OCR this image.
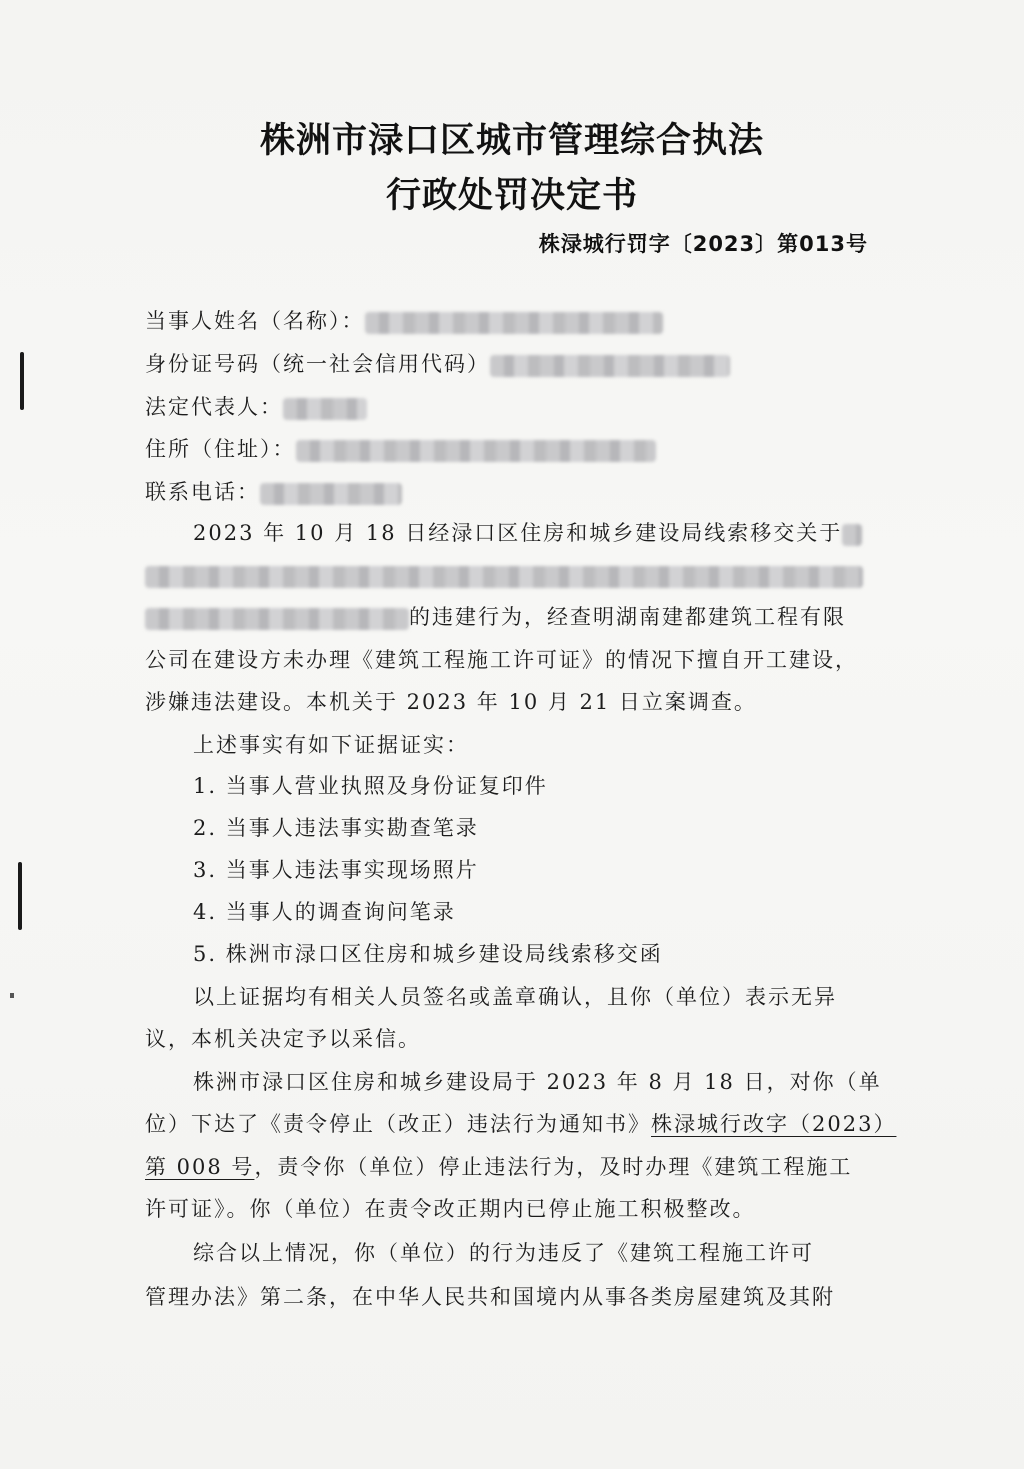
株洲市渌口区城市管理综合执法
行政处罚决定书
株渌城行罚字〔2023〕第013号
当事人姓名（名称）：
身份证号码（统一社会信用代码）
法定代表人：
住所（住址）：
联系电话：
2023 年 10 月 18 日经渌口区住房和城乡建设局线索移交关于
的违建行为，经查明湖南建都建筑工程有限
公司在建设方未办理《建筑工程施工许可证》的情况下擅自开工建设，
涉嫌违法建设。本机关于 2023 年 10 月 21 日立案调查。
上述事实有如下证据证实：
1. 当事人营业执照及身份证复印件
2. 当事人违法事实勘查笔录
3. 当事人违法事实现场照片
4. 当事人的调查询问笔录
5. 株洲市渌口区住房和城乡建设局线索移交函
以上证据均有相关人员签名或盖章确认，且你（单位）表示无异
议，本机关决定予以采信。
株洲市渌口区住房和城乡建设局于 2023 年 8 月 18 日，对你（单
位）下达了《责令停止（改正）违法行为通知书》株渌城行改字（2023）
第 008 号，责令你（单位）停止违法行为，及时办理《建筑工程施工
许可证》。你（单位）在责令改正期内已停止施工积极整改。
综合以上情况，你（单位）的行为违反了《建筑工程施工许可
管理办法》第二条，在中华人民共和国境内从事各类房屋建筑及其附
